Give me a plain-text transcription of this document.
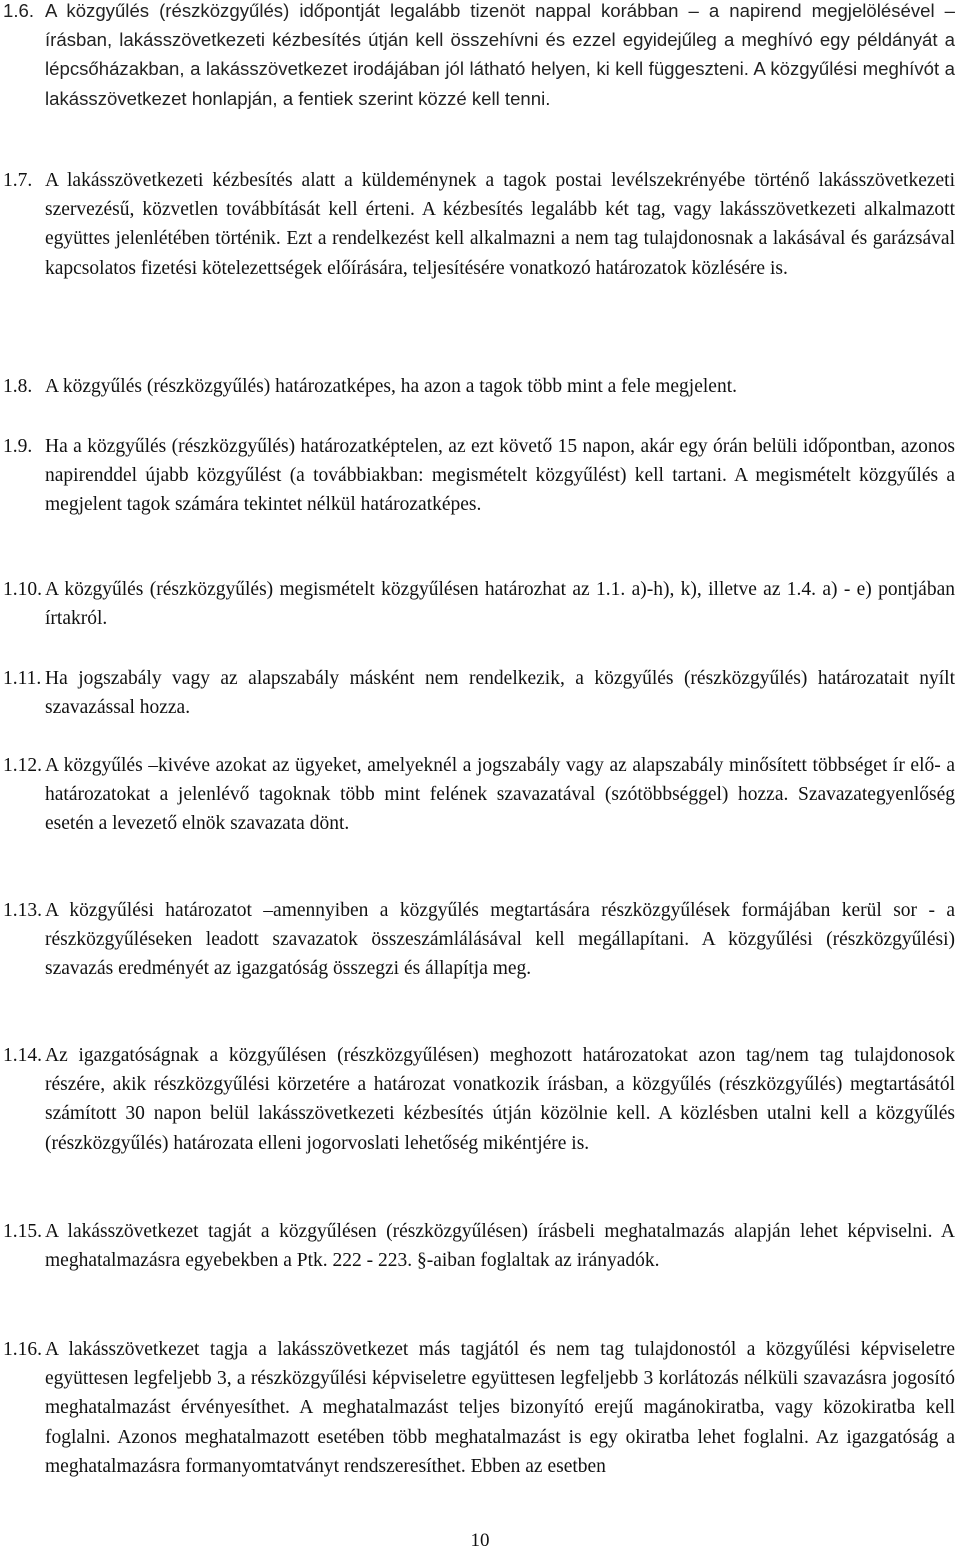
1.6. A közgyűlés (részközgyűlés) időpontját legalább tizenöt nappal korábban – a napirend megjelölésével – írásban, lakásszövetkezeti kézbesítés útján kell összehívni és ezzel egyidejűleg a meghívó egy példányát a lépcsőházakban, a lakásszövetkezet irodájában jól látható helyen, ki kell függeszteni. A közgyűlési meghívót a lakásszövetkezet honlapján, a fentiek szerint közzé kell tenni.

1.7. A lakásszövetkezeti kézbesítés alatt a küldeménynek a tagok postai levélszekrényébe történő lakásszövetkezeti szervezésű, közvetlen továbbítását kell érteni. A kézbesítés legalább két tag, vagy lakásszövetkezeti alkalmazott együttes jelenlétében történik. Ezt a rendelkezést kell alkalmazni a nem tag tulajdonosnak a lakásával és garázsával kapcsolatos fizetési kötelezettségek előírására, teljesítésére vonatkozó határozatok közlésére is.

1.8. A közgyűlés (részközgyűlés) határozatképes, ha azon a tagok több mint a fele megjelent.

1.9. Ha a közgyűlés (részközgyűlés) határozatképtelen, az ezt követő 15 napon, akár egy órán belüli időpontban, azonos napirenddel újabb közgyűlést (a továbbiakban: megismételt közgyűlést) kell tartani. A megismételt közgyűlés a megjelent tagok számára tekintet nélkül határozatképes.

1.10. A közgyűlés (részközgyűlés) megismételt közgyűlésen határozhat az 1.1. a)-h), k), illetve az 1.4. a) - e) pontjában írtakról.

1.11. Ha jogszabály vagy az alapszabály másként nem rendelkezik, a közgyűlés (részközgyűlés) határozatait nyílt szavazással hozza.

1.12. A közgyűlés –kivéve azokat az ügyeket, amelyeknél a jogszabály vagy az alapszabály minősített többséget ír elő- a határozatokat a jelenlévő tagoknak több mint felének szavazatával (szótöbbséggel) hozza. Szavazategyenlőség esetén a levezető elnök szavazata dönt.

1.13. A közgyűlési határozatot –amennyiben a közgyűlés megtartására részközgyűlések formájában kerül sor - a részközgyűléseken leadott szavazatok összeszámlálásával kell megállapítani. A közgyűlési (részközgyűlési) szavazás eredményét az igazgatóság összegzi és állapítja meg.

1.14. Az igazgatóságnak a közgyűlésen (részközgyűlésen) meghozott határozatokat azon tag/nem tag tulajdonosok részére, akik részközgyűlési körzetére a határozat vonatkozik írásban, a közgyűlés (részközgyűlés) megtartásától számított 30 napon belül lakásszövetkezeti kézbesítés útján közölnie kell. A közlésben utalni kell a közgyűlés (részközgyűlés) határozata elleni jogorvoslati lehetőség mikéntjére is.

1.15. A lakásszövetkezet tagját a közgyűlésen (részközgyűlésen) írásbeli meghatalmazás alapján lehet képviselni. A meghatalmazásra egyebekben a Ptk. 222 - 223. §-aiban foglaltak az irányadók.

1.16. A lakásszövetkezet tagja a lakásszövetkezet más tagjától és nem tag tulajdonostól a közgyűlési képviseletre együttesen legfeljebb 3, a részközgyűlési képviseletre együttesen legfeljebb 3 korlátozás nélküli szavazásra jogosító meghatalmazást érvényesíthet. A meghatalmazást teljes bizonyító erejű magánokiratba, vagy közokiratba kell foglalni. Azonos meghatalmazott esetében több meghatalmazást is egy okiratba lehet foglalni. Az igazgatóság a meghatalmazásra formanyomtatványt rendszeresíthet. Ebben az esetben

10
